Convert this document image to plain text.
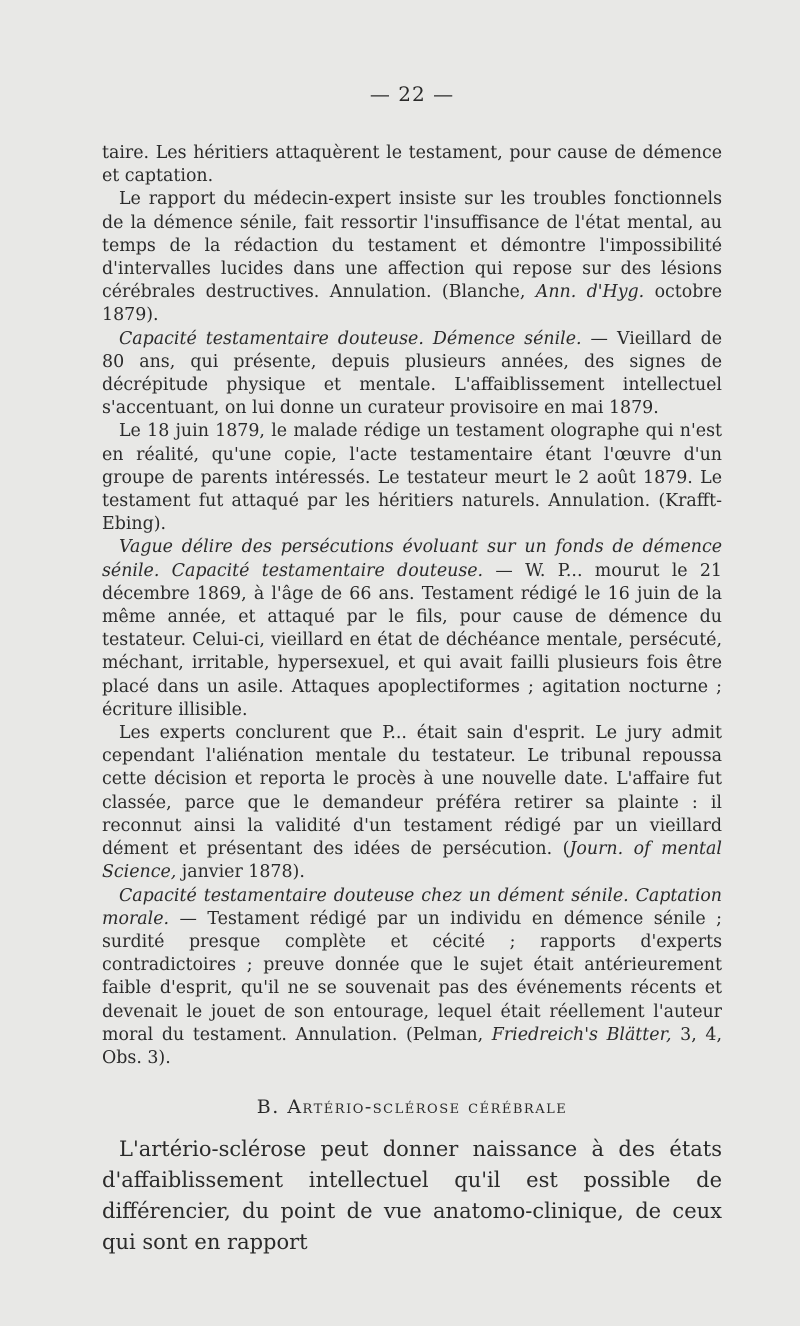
— 22 —

taire. Les héritiers attaquèrent le testament, pour cause de démence et captation.

Le rapport du médecin-expert insiste sur les troubles fonctionnels de la démence sénile, fait ressortir l'insuffisance de l'état mental, au temps de la rédaction du testament et démontre l'impossibilité d'intervalles lucides dans une affection qui repose sur des lésions cérébrales destructives. Annulation. (Blanche, Ann. d'Hyg. octobre 1879).

Capacité testamentaire douteuse. Démence sénile. — Vieillard de 80 ans, qui présente, depuis plusieurs années, des signes de décrépitude physique et mentale. L'affaiblissement intellectuel s'accentuant, on lui donne un curateur provisoire en mai 1879.

Le 18 juin 1879, le malade rédige un testament olographe qui n'est en réalité, qu'une copie, l'acte testamentaire étant l'œuvre d'un groupe de parents intéressés. Le testateur meurt le 2 août 1879. Le testament fut attaqué par les héritiers naturels. Annulation. (Krafft-Ebing).

Vague délire des persécutions évoluant sur un fonds de démence sénile. Capacité testamentaire douteuse. — W. P... mourut le 21 décembre 1869, à l'âge de 66 ans. Testament rédigé le 16 juin de la même année, et attaqué par le fils, pour cause de démence du testateur. Celui-ci, vieillard en état de déchéance mentale, persécuté, méchant, irritable, hypersexuel, et qui avait failli plusieurs fois être placé dans un asile. Attaques apoplectiformes ; agitation nocturne ; écriture illisible.

Les experts conclurent que P... était sain d'esprit. Le jury admit cependant l'aliénation mentale du testateur. Le tribunal repoussa cette décision et reporta le procès à une nouvelle date. L'affaire fut classée, parce que le demandeur préféra retirer sa plainte : il reconnut ainsi la validité d'un testament rédigé par un vieillard dément et présentant des idées de persécution. (Journ. of mental Science, janvier 1878).

Capacité testamentaire douteuse chez un dément sénile. Captation morale. — Testament rédigé par un individu en démence sénile ; surdité presque complète et cécité ; rapports d'experts contradictoires ; preuve donnée que le sujet était antérieurement faible d'esprit, qu'il ne se souvenait pas des événements récents et devenait le jouet de son entourage, lequel était réellement l'auteur moral du testament. Annulation. (Pelman, Friedreich's Blätter, 3, 4, Obs. 3).

B. Artério-sclérose cérébrale

L'artério-sclérose peut donner naissance à des états d'affaiblissement intellectuel qu'il est possible de différencier, du point de vue anatomo-clinique, de ceux qui sont en rapport
